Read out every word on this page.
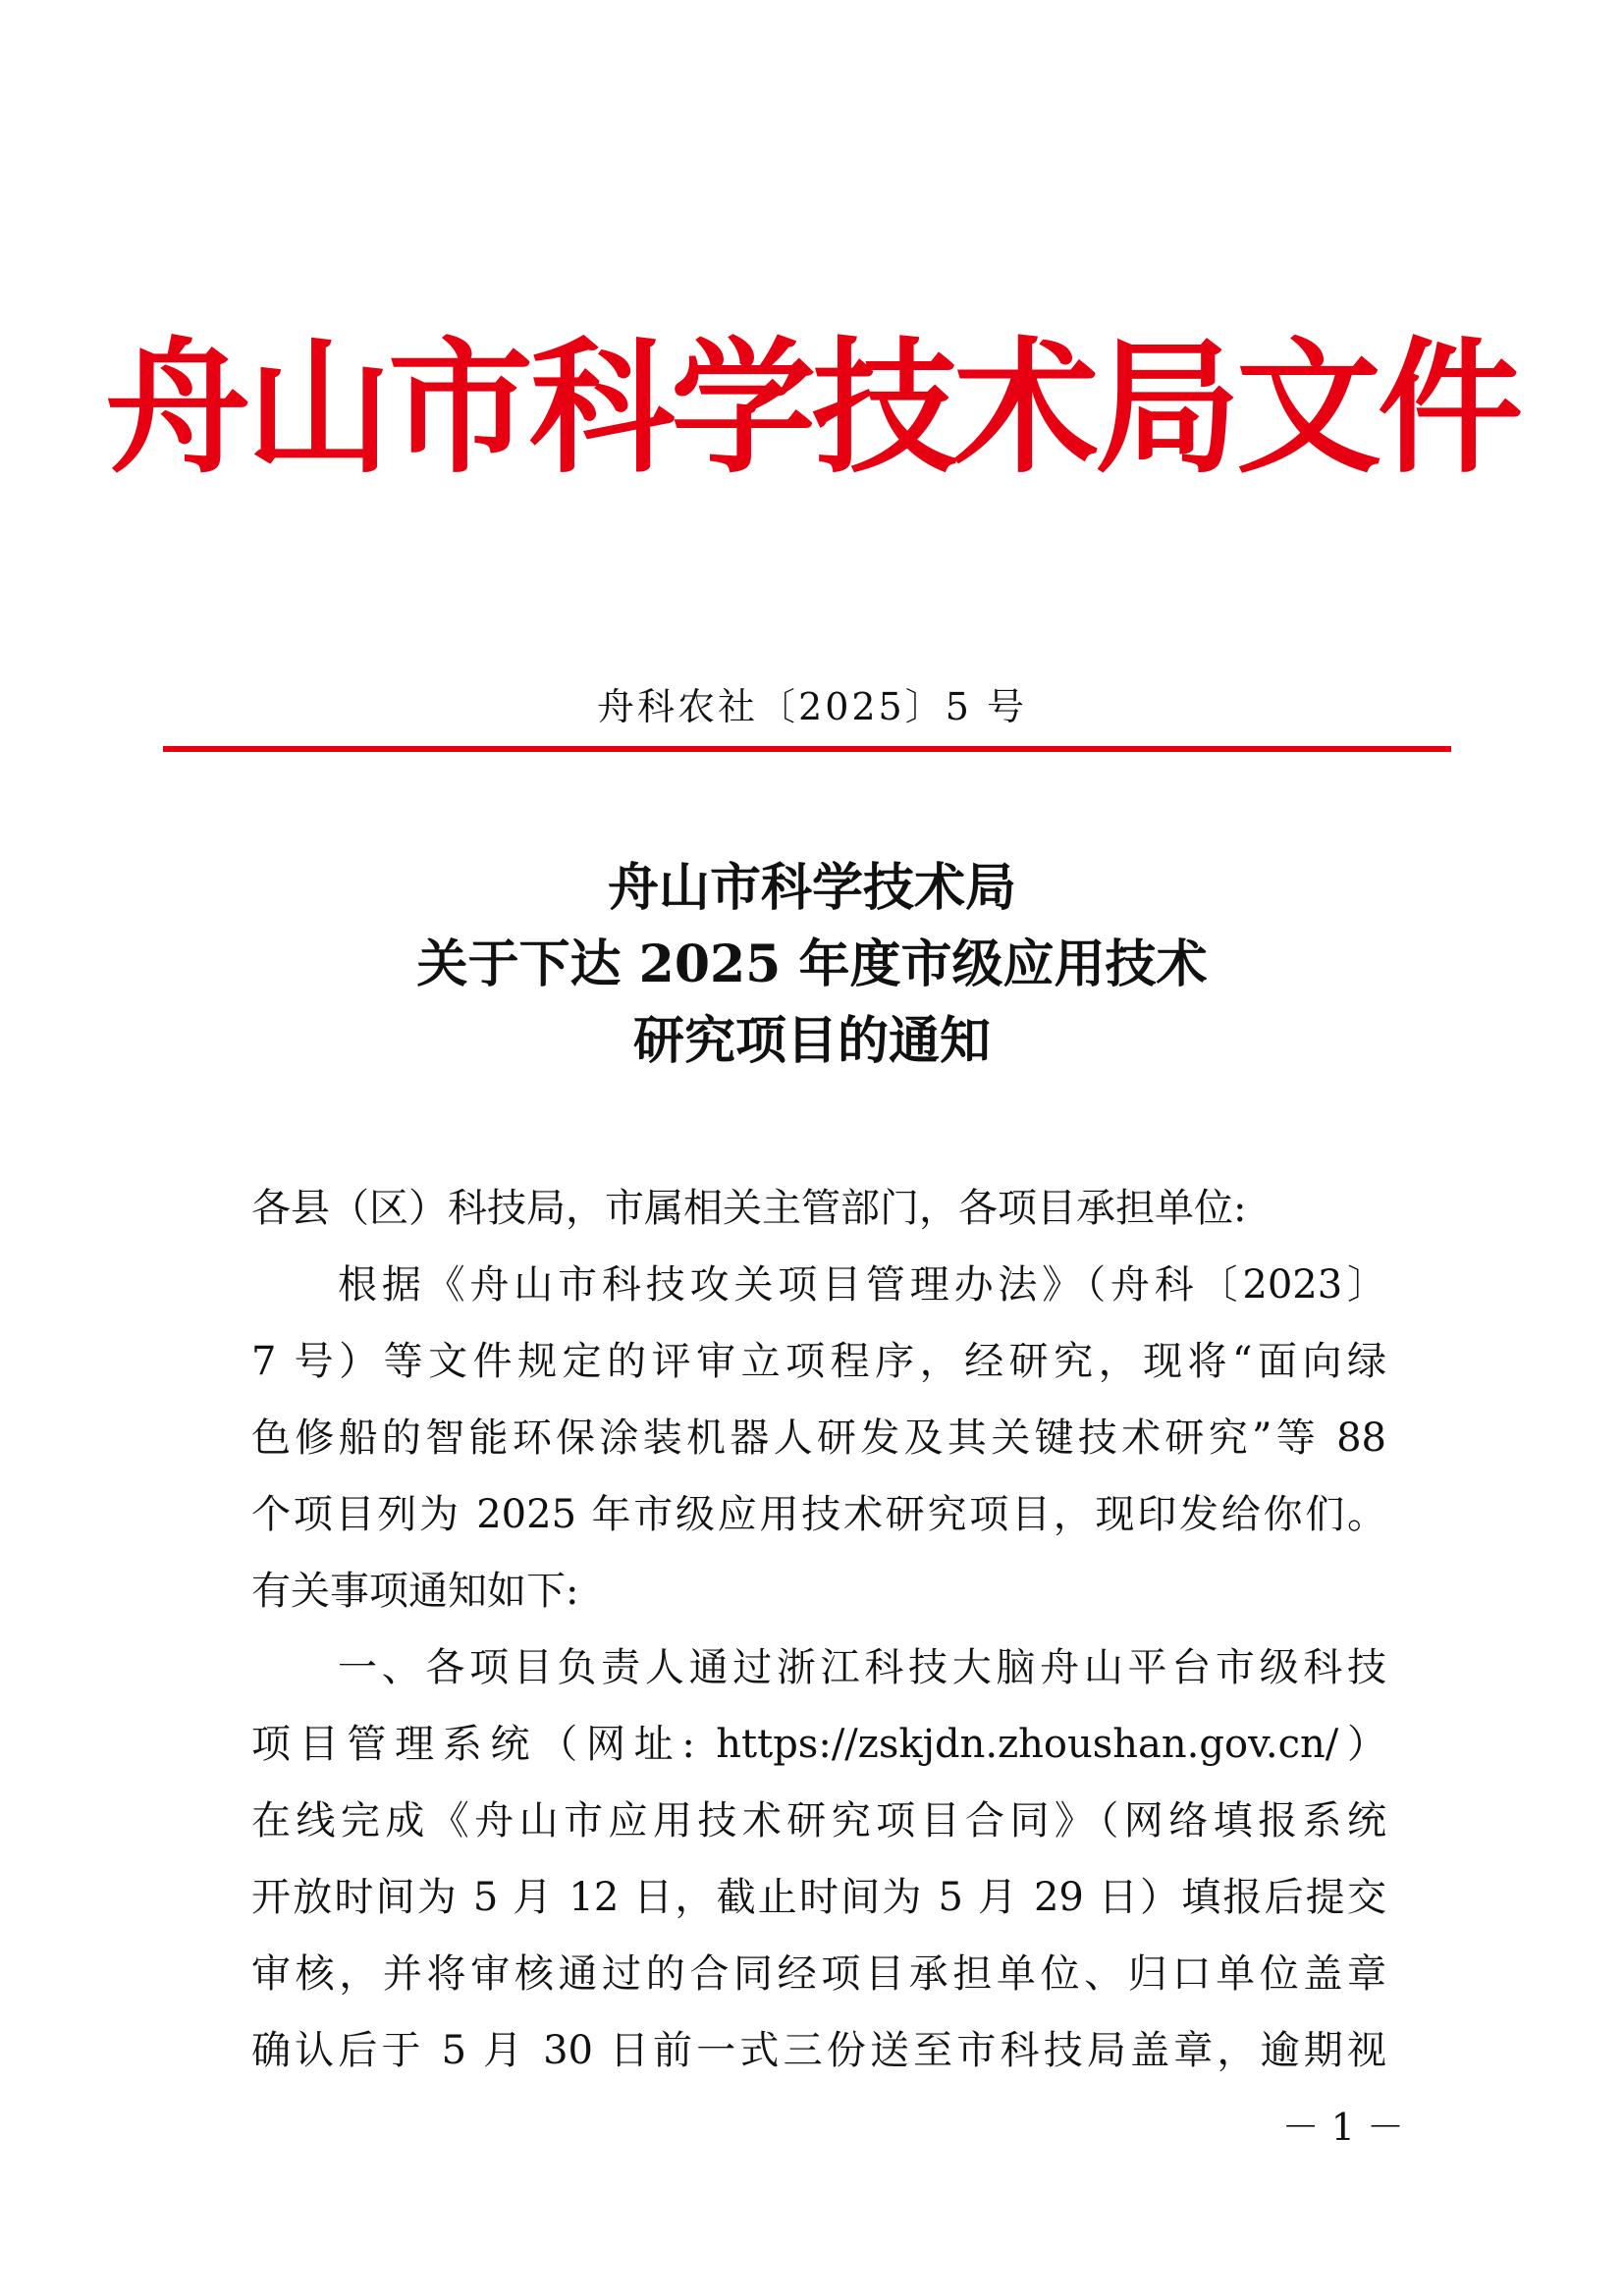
舟山市科学技术局文件
舟科农社〔2025〕5 号
舟山市科学技术局
关于下达 2025 年度市级应用技术
研究项目的通知
各县（区）科技局，市属相关主管部门，各项目承担单位:
根据《舟山市科技攻关项目管理办法》（舟科〔2023〕
7 号）等文件规定的评审立项程序，经研究，现将“面向绿
色修船的智能环保涂装机器人研发及其关键技术研究”等 88
个项目列为 2025 年市级应用技术研究项目，现印发给你们。
有关事项通知如下:
一、各项目负责人通过浙江科技大脑舟山平台市级科技
项目管理系统（网址: https://zskjdn.zhoushan.gov.cn/）
在线完成《舟山市应用技术研究项目合同》（网络填报系统
开放时间为 5 月 12 日，截止时间为 5 月 29 日）填报后提交
审核，并将审核通过的合同经项目承担单位、归口单位盖章
确认后于 5 月 30 日前一式三份送至市科技局盖章，逾期视
－ 1 －
